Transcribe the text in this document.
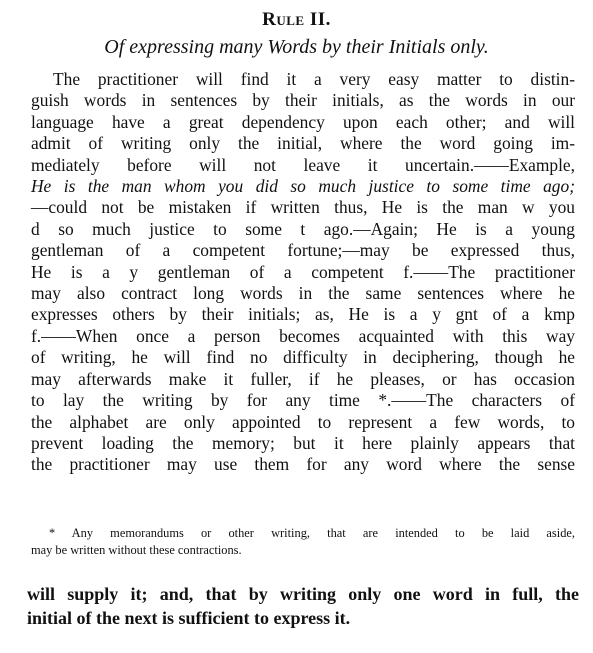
Rule II.
Of expressing many Words by their Initials only.
The practitioner will find it a very easy matter to distin-
guish words in sentences by their initials, as the words in our
language have a great dependency upon each other; and will
admit of writing only the initial, where the word going im-
mediately before will not leave it uncertain.——Example,
He is the man whom you did so much justice to some time ago;
—could not be mistaken if written thus, He is the man w you
d so much justice to some t ago.—Again; He is a young
gentleman of a competent fortune;—may be expressed thus,
He is a y gentleman of a competent f.——The practitioner
may also contract long words in the same sentences where he
expresses others by their initials; as, He is a y gnt of a kmp
f.——When once a person becomes acquainted with this way
of writing, he will find no difficulty in deciphering, though he
may afterwards make it fuller, if he pleases, or has occasion
to lay the writing by for any time *.——The characters of
the alphabet are only appointed to represent a few words, to
prevent loading the memory; but it here plainly appears that
the practitioner may use them for any word where the sense
* Any memorandums or other writing, that are intended to be laid aside,
may be written without these contractions.
will supply it; and, that by writing only one word in full, the
initial of the next is sufficient to express it.
